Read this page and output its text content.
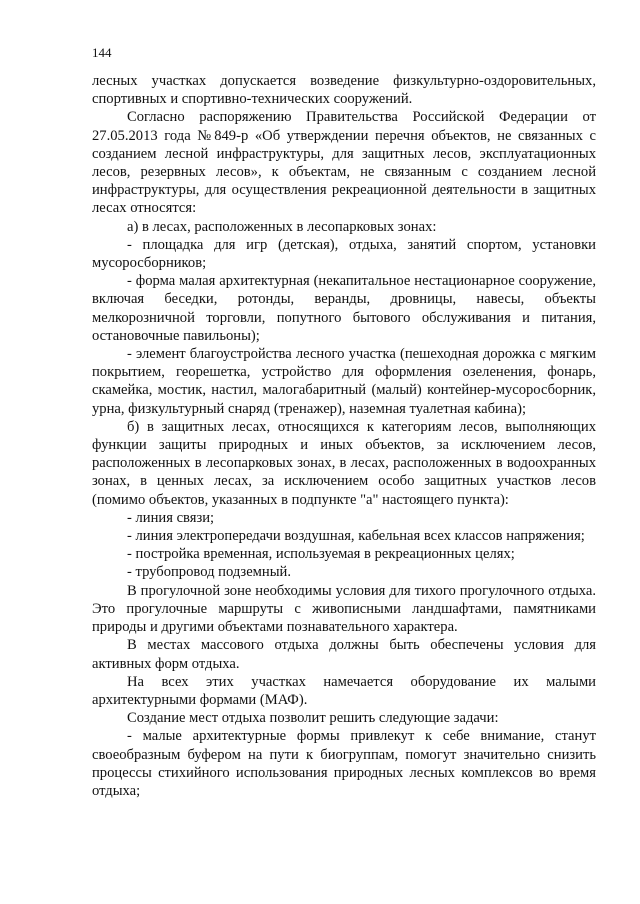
144

лесных участках допускается возведение физкультурно-оздоровительных, спортивных и спортивно-технических сооружений.

Согласно распоряжению Правительства Российской Федерации от 27.05.2013 года №849-р «Об утверждении перечня объектов, не связанных с созданием лесной инфраструктуры, для защитных лесов, эксплуатационных лесов, резервных лесов», к объектам, не связанным с созданием лесной инфраструктуры, для осуществления рекреационной деятельности в защитных лесах относятся:

а) в лесах, расположенных в лесопарковых зонах:

- площадка для игр (детская), отдыха, занятий спортом, установки мусоросборников;

- форма малая архитектурная (некапитальное нестационарное сооружение, включая беседки, ротонды, веранды, дровницы, навесы, объекты мелкорозничной торговли, попутного бытового обслуживания и питания, остановочные павильоны);

- элемент благоустройства лесного участка (пешеходная дорожка с мягким покрытием, георешетка, устройство для оформления озеленения, фонарь, скамейка, мостик, настил, малогабаритный (малый) контейнер-мусоросборник, урна, физкультурный снаряд (тренажер), наземная туалетная кабина);

б) в защитных лесах, относящихся к категориям лесов, выполняющих функции защиты природных и иных объектов, за исключением лесов, расположенных в лесопарковых зонах, в лесах, расположенных в водоохранных зонах, в ценных лесах, за исключением особо защитных участков лесов (помимо объектов, указанных в подпункте "а" настоящего пункта):

- линия связи;

- линия электропередачи воздушная, кабельная всех классов напряжения;

- постройка временная, используемая в рекреационных целях;

- трубопровод подземный.

В прогулочной зоне необходимы условия для тихого прогулочного отдыха. Это прогулочные маршруты с живописными ландшафтами, памятниками природы и другими объектами познавательного характера.

В местах массового отдыха должны быть обеспечены условия для активных форм отдыха.

На всех этих участках намечается оборудование их малыми архитектурными формами (МАФ).

Создание мест отдыха позволит решить следующие задачи:

- малые архитектурные формы привлекут к себе внимание, станут своеобразным буфером на пути к биогруппам, помогут значительно снизить процессы стихийного использования природных лесных комплексов во время отдыха;
